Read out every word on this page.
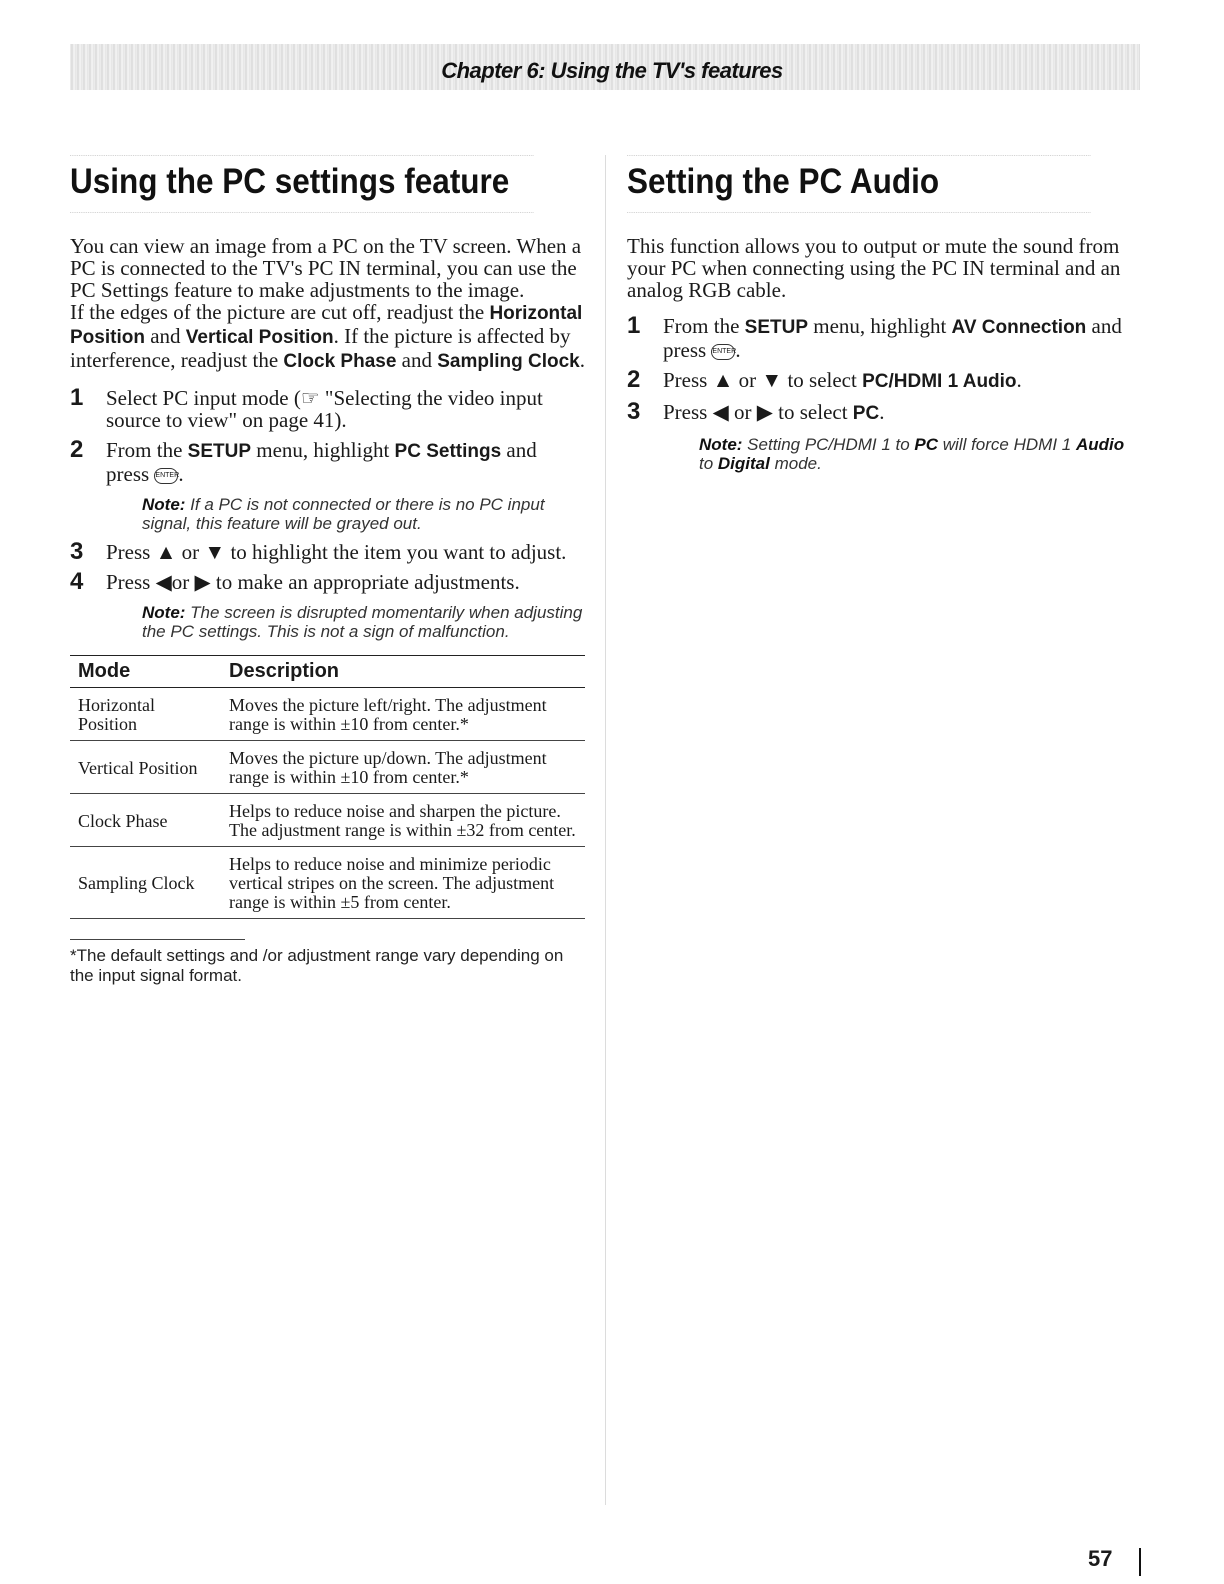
Chapter 6: Using the TV's features
Using the PC settings feature

You can view an image from a PC on the TV screen. When a PC is connected to the TV's PC IN terminal, you can use the PC Settings feature to make adjustments to the image.
If the edges of the picture are cut off, readjust the Horizontal Position and Vertical Position. If the picture is affected by interference, readjust the Clock Phase and Sampling Clock.

1 Select PC input mode (☞ "Selecting the video input source to view" on page 41).
2 From the SETUP menu, highlight PC Settings and press ENTER.
Note: If a PC is not connected or there is no PC input signal, this feature will be grayed out.
3 Press ▲ or ▼ to highlight the item you want to adjust.
4 Press ◀or ▶ to make an appropriate adjustments.
Note: The screen is disrupted momentarily when adjusting the PC settings. This is not a sign of malfunction.
Mode	Description
Horizontal Position	Moves the picture left/right. The adjustment range is within ±10 from center.*
Vertical Position	Moves the picture up/down. The adjustment range is within ±10 from center.*
Clock Phase	Helps to reduce noise and sharpen the picture. The adjustment range is within ±32 from center.
Sampling Clock	Helps to reduce noise and minimize periodic vertical stripes on the screen. The adjustment range is within ±5 from center.
*The default settings and /or adjustment range vary depending on the input signal format.
Setting the PC Audio

This function allows you to output or mute the sound from your PC when connecting using the PC IN terminal and an analog RGB cable.

1 From the SETUP menu, highlight AV Connection and press ENTER.
2 Press ▲ or ▼ to select PC/HDMI 1 Audio.
3 Press ◀ or ▶ to select PC.
Note: Setting PC/HDMI 1 to PC will force HDMI 1 Audio to Digital mode.
57
